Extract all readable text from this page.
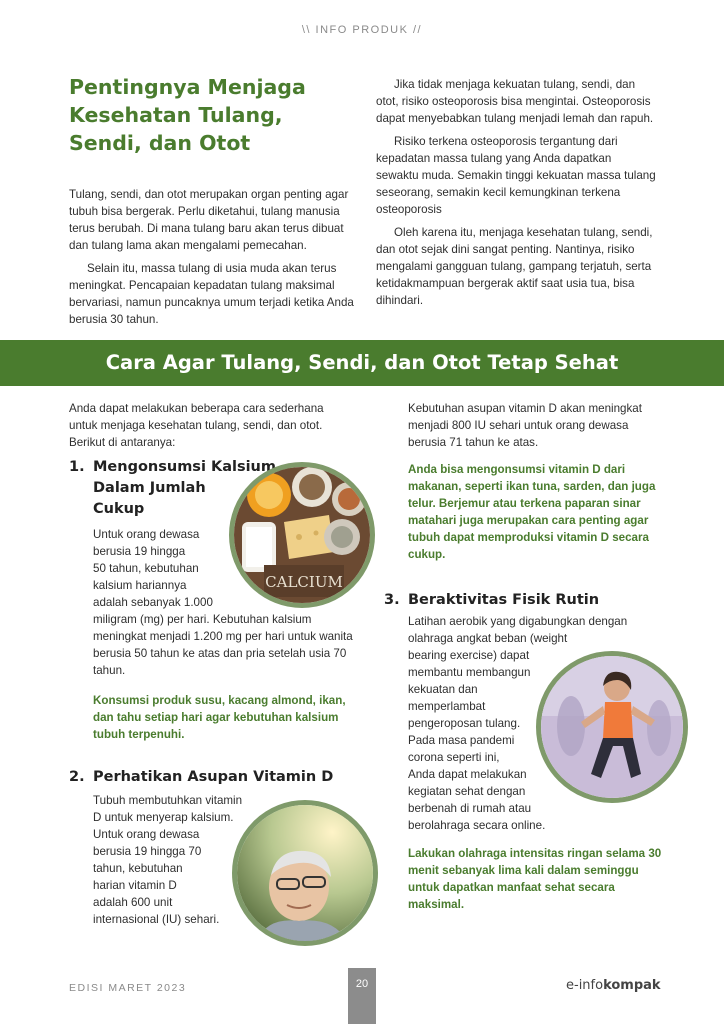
\\ INFO PRODUK //
Pentingnya Menjaga Kesehatan Tulang, Sendi, dan Otot

Tulang, sendi, dan otot merupakan organ penting agar tubuh bisa bergerak. Perlu diketahui, tulang manusia terus berubah. Di mana tulang baru akan terus dibuat dan tulang lama akan mengalami pemecahan.

Selain itu, massa tulang di usia muda akan terus meningkat. Pencapaian kepadatan tulang maksimal bervariasi, namun puncaknya umum terjadi ketika Anda berusia 30 tahun.

Jika tidak menjaga kekuatan tulang, sendi, dan otot, risiko osteoporosis bisa mengintai. Osteoporosis dapat menyebabkan tulang menjadi lemah dan rapuh.

Risiko terkena osteoporosis tergantung dari kepadatan massa tulang yang Anda dapatkan sewaktu muda. Semakin tinggi kekuatan massa tulang seseorang, semakin kecil kemungkinan terkena osteoporosis

Oleh karena itu, menjaga kesehatan tulang, sendi, dan otot sejak dini sangat penting. Nantinya, risiko mengalami gangguan tulang, gampang terjatuh, serta ketidakmampuan bergerak aktif saat usia tua, bisa dihindari.

Cara Agar Tulang, Sendi, dan Otot Tetap Sehat
Anda dapat melakukan beberapa cara sederhana untuk menjaga kesehatan tulang, sendi, dan otot. Berikut di antaranya:
1. Mengonsumsi Kalsium
Dalam Jumlah
Cukup
CALCIUM
Untuk orang dewasa
berusia 19 hingga
50 tahun, kebutuhan
kalsium hariannya
adalah sebanyak 1.000
miligram (mg) per hari. Kebutuhan kalsium meningkat menjadi 1.200 mg per hari untuk wanita berusia 50 tahun ke atas dan pria setelah usia 70 tahun.
Konsumsi produk susu, kacang almond, ikan, dan tahu setiap hari agar kebutuhan kalsium tubuh terpenuhi.
2. Perhatikan Asupan Vitamin D
Tubuh membutuhkan vitamin
D untuk menyerap kalsium.
Untuk orang dewasa
berusia 19 hingga 70
tahun, kebutuhan
harian vitamin D
adalah 600 unit
internasional (IU) sehari.
Kebutuhan asupan vitamin D akan meningkat menjadi 800 IU sehari untuk orang dewasa berusia 71 tahun ke atas.
Anda bisa mengonsumsi vitamin D dari makanan, seperti ikan tuna, sarden, dan juga telur. Berjemur atau terkena paparan sinar matahari juga merupakan cara penting agar tubuh dapat memproduksi vitamin D secara cukup.
3. Beraktivitas Fisik Rutin
Latihan aerobik yang digabungkan dengan olahraga angkat beban (weight
bearing exercise) dapat
membantu membangun
kekuatan dan
memperlambat
pengeroposan tulang.
Pada masa pandemi
corona seperti ini,
Anda dapat melakukan
kegiatan sehat dengan
berbenah di rumah atau
berolahraga secara online.
Lakukan olahraga intensitas ringan selama 30 menit sebanyak lima kali dalam seminggu untuk dapatkan manfaat sehat secara maksimal.
EDISI MARET 2023	20	e-infokompak
